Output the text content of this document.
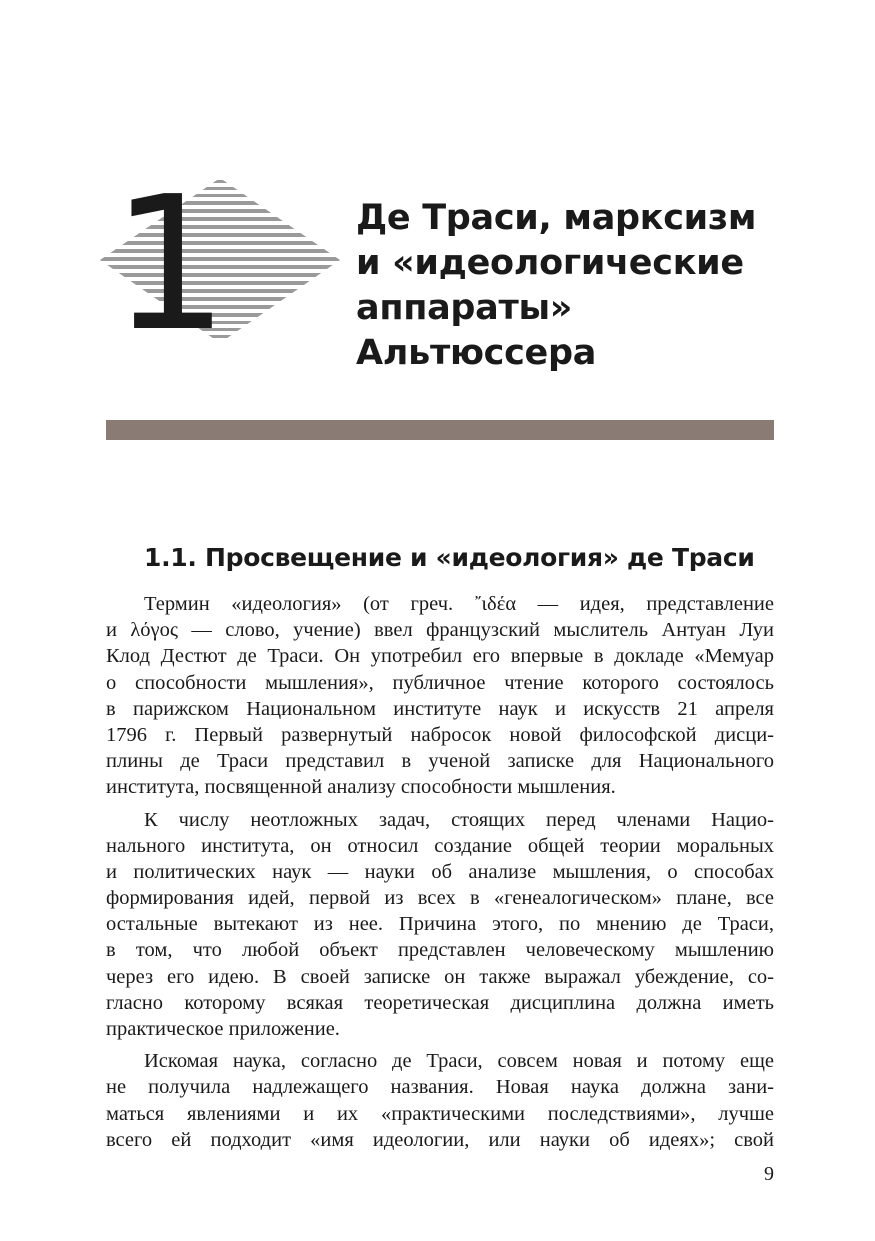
1	Де Траси, марксизм
и «идеологические
аппараты»
Альтюссера
1.1. Просвещение и «идеология» де Траси
Термин «идеология» (от греч. ῎ιδέα — идея, представление
и λόγος — слово, учение) ввел французский мыслитель Антуан Луи
Клод Дестют де Траси. Он употребил его впервые в докладе «Мемуар
о способности мышления», публичное чтение которого состоялось
в парижском Национальном институте наук и искусств 21 апреля
1796 г. Первый развернутый набросок новой философской дисци-
плины де Траси представил в ученой записке для Национального
института, посвященной анализу способности мышления.
К числу неотложных задач, стоящих перед членами Нацио-
нального института, он относил создание общей теории моральных
и политических наук — науки об анализе мышления, о способах
формирования идей, первой из всех в «генеалогическом» плане, все
остальные вытекают из нее. Причина этого, по мнению де Траси,
в том, что любой объект представлен человеческому мышлению
через его идею. В своей записке он также выражал убеждение, со-
гласно которому всякая теоретическая дисциплина должна иметь
практическое приложение.
Искомая наука, согласно де Траси, совсем новая и потому еще
не получила надлежащего названия. Новая наука должна зани-
маться явлениями и их «практическими последствиями», лучше
всего ей подходит «имя идеологии, или науки об идеях»; свой
9
